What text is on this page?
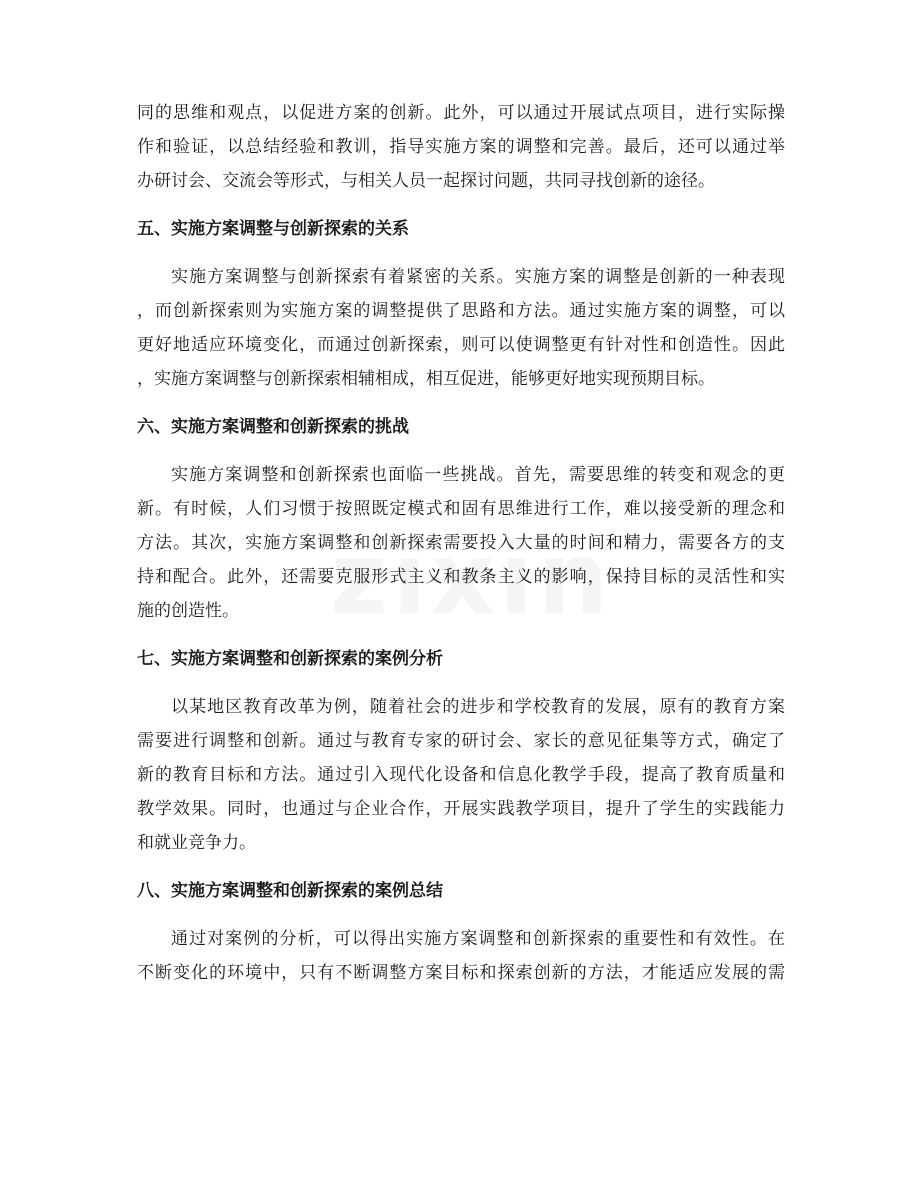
同的思维和观点，以促进方案的创新。此外，可以通过开展试点项目，进行实际操
作和验证，以总结经验和教训，指导实施方案的调整和完善。最后，还可以通过举
办研讨会、交流会等形式，与相关人员一起探讨问题，共同寻找创新的途径。
五、实施方案调整与创新探索的关系
实施方案调整与创新探索有着紧密的关系。实施方案的调整是创新的一种表现
，而创新探索则为实施方案的调整提供了思路和方法。通过实施方案的调整，可以
更好地适应环境变化，而通过创新探索，则可以使调整更有针对性和创造性。因此
，实施方案调整与创新探索相辅相成，相互促进，能够更好地实现预期目标。
六、实施方案调整和创新探索的挑战
实施方案调整和创新探索也面临一些挑战。首先，需要思维的转变和观念的更
新。有时候，人们习惯于按照既定模式和固有思维进行工作，难以接受新的理念和
方法。其次，实施方案调整和创新探索需要投入大量的时间和精力，需要各方的支
持和配合。此外，还需要克服形式主义和教条主义的影响，保持目标的灵活性和实
施的创造性。
七、实施方案调整和创新探索的案例分析
以某地区教育改革为例，随着社会的进步和学校教育的发展，原有的教育方案
需要进行调整和创新。通过与教育专家的研讨会、家长的意见征集等方式，确定了
新的教育目标和方法。通过引入现代化设备和信息化教学手段，提高了教育质量和
教学效果。同时，也通过与企业合作，开展实践教学项目，提升了学生的实践能力
和就业竞争力。
八、实施方案调整和创新探索的案例总结
通过对案例的分析，可以得出实施方案调整和创新探索的重要性和有效性。在
不断变化的环境中，只有不断调整方案目标和探索创新的方法，才能适应发展的需
